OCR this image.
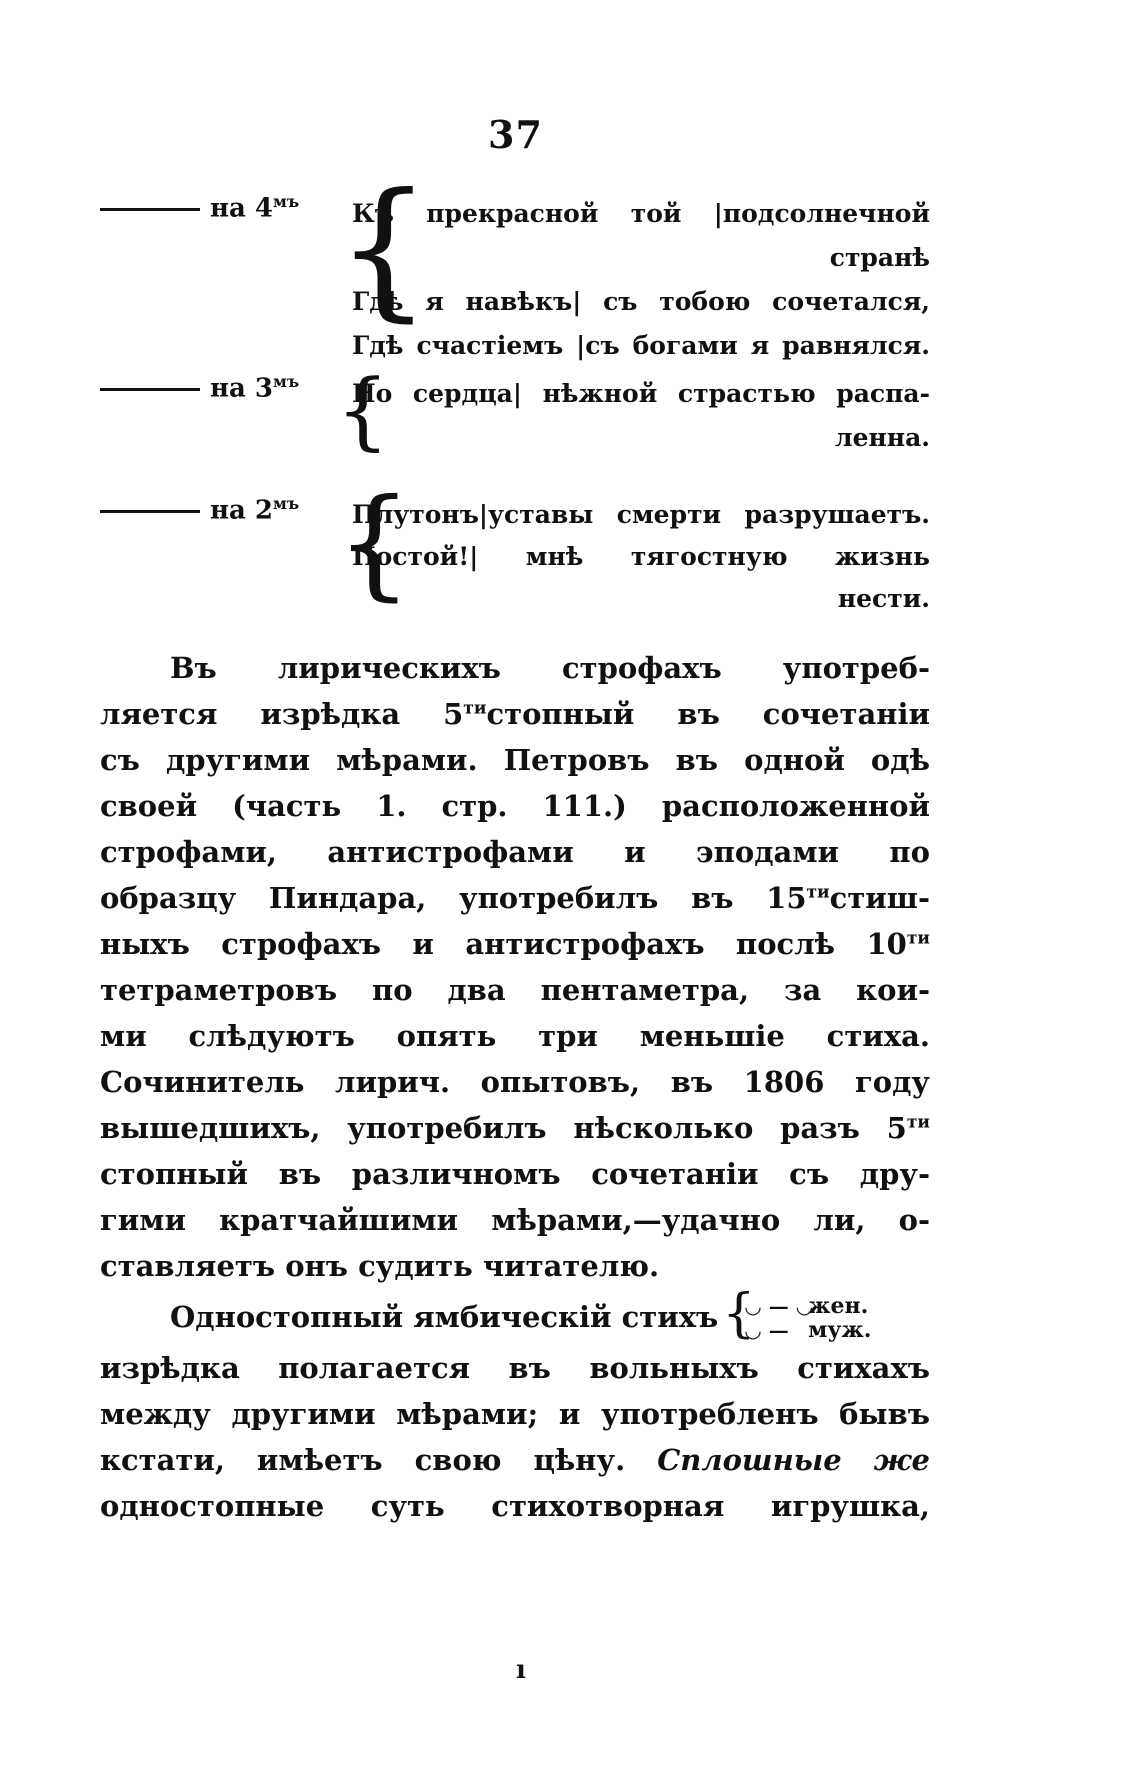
37
на $4^{мъ}$ {
Къ прекрасной той |подсолнечной
странѣ
Гдѣ я навѣкъ| съ тобою сочетался,
Гдѣ счастіемъ |съ богами я равнялся.
на $3^{мъ}$ {
Но сердца| нѣжной страстью распа-
ленна.
на $2^{мъ}$ {
Плутонъ|уставы смерти разрушаетъ.
Постой!| мнѣ тягостную жизнь
нести.
Въ лирическихъ строфахъ употреб-
ляется изрѣдка $5^{ти}стопный$ въ сочетаніи
съ другими мѣрами. Петровъ въ одной одѣ
своей (часть 1. стр. 111.) расположенной
строфами, антистрофами и эподами по
образцу Пиндара, употребилъ въ $15^{ти}стиш-$
ныхъ строфахъ и антистрофахъ послѣ $10^{ти}$
тетраметровъ по два пентаметра, за кои-
ми слѣдуютъ опять три меньшіе стиха.
Сочинитель лирич. опытовъ, въ 1806 году
вышедшихъ, употребилъ нѣсколько разъ $5^{ти}$
стопный въ различномъ сочетаніи съ дру-
гими кратчайшими мѣрами,—удачно ли, о-
ставляетъ онъ судить читателю.
Одностопный ямбическій стихъ {
◡ — ◡
◡ —
жен.
муж.
изрѣдка полагается въ вольныхъ стихахъ
между другими мѣрами; и употребленъ бывъ
кстати, имѣетъ свою цѣну. Сплошные же
одностопные суть стихотворная игрушка,
ı
